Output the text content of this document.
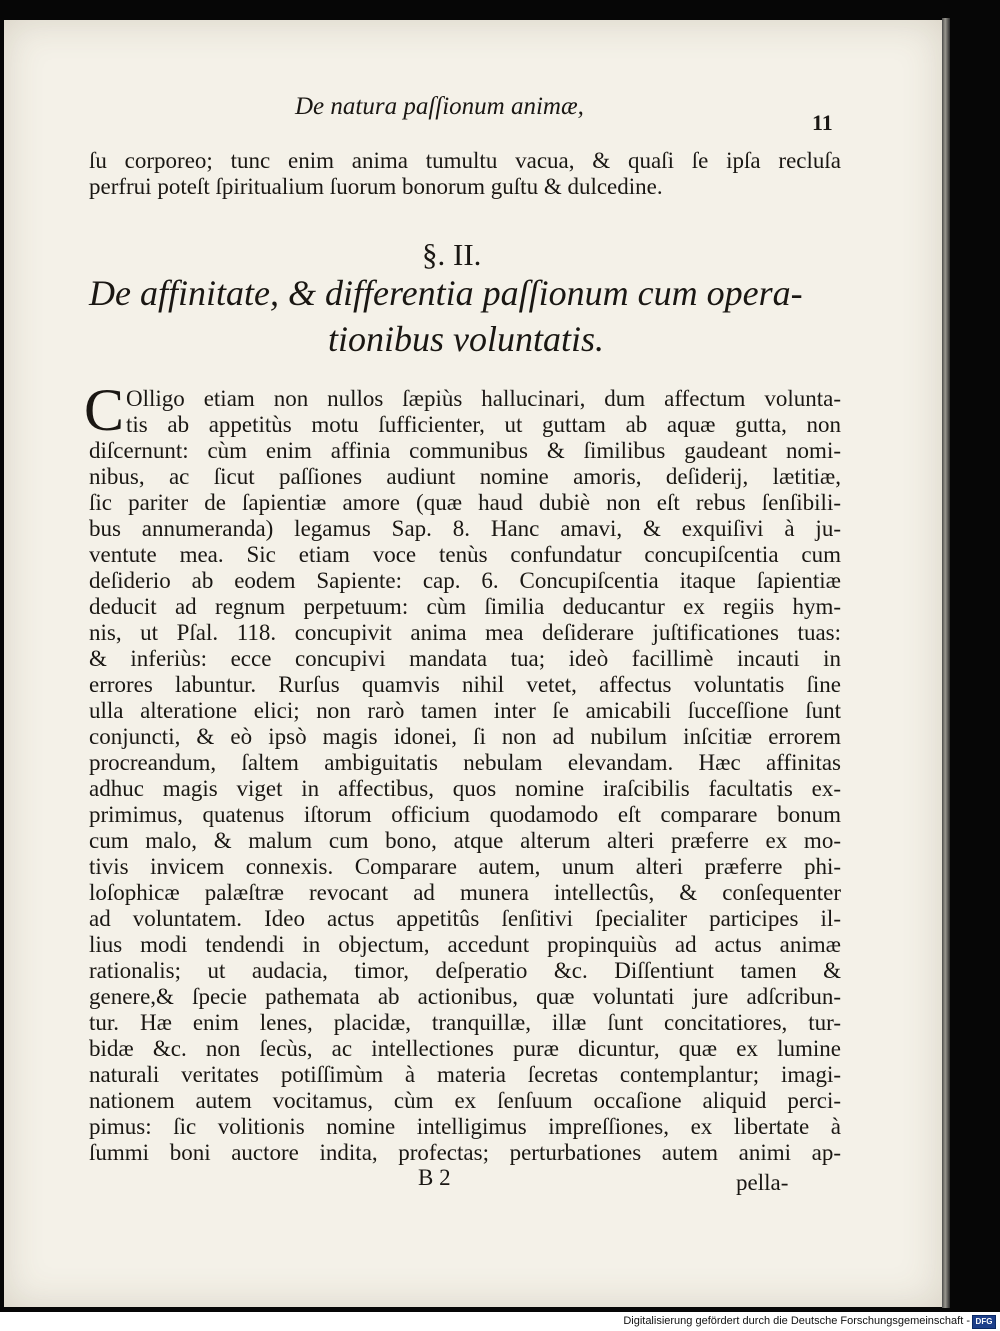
De natura paſſionum animæ,
11
ſu corporeo; tunc enim anima tumultu vacua, & quaſi ſe ipſa recluſa
perfrui poteſt ſpiritualium ſuorum bonorum guſtu & dulcedine.
§. II.
De affinitate, & differentia paſſionum cum opera-
tionibus voluntatis.
C Olligo etiam non nullos ſæpiùs hallucinari, dum affectum volunta-
tis ab appetitùs motu ſufficienter, ut guttam ab aquæ gutta, non
diſcernunt: cùm enim affinia communibus & ſimilibus gaudeant nomi-
nibus, ac ſicut paſſiones audiunt nomine amoris, deſiderij, lætitiæ,
ſic pariter de ſapientiæ amore (quæ haud dubiè non eſt rebus ſenſibili-
bus annumeranda) legamus Sap. 8. Hanc amavi, & exquiſivi à ju-
ventute mea. Sic etiam voce tenùs confundatur concupiſcentia cum
deſiderio ab eodem Sapiente: cap. 6. Concupiſcentia itaque ſapientiæ
deducit ad regnum perpetuum: cùm ſimilia deducantur ex regiis hym-
nis, ut Pſal. 118. concupivit anima mea deſiderare juſtificationes tuas:
& inferiùs: ecce concupivi mandata tua; ideò facillimè incauti in
errores labuntur. Rurſus quamvis nihil vetet, affectus voluntatis ſine
ulla alteratione elici; non rarò tamen inter ſe amicabili ſucceſſione ſunt
conjuncti, & eò ipsò magis idonei, ſi non ad nubilum inſcitiæ errorem
procreandum, ſaltem ambiguitatis nebulam elevandam. Hæc affinitas
adhuc magis viget in affectibus, quos nomine iraſcibilis facultatis ex-
primimus, quatenus iſtorum officium quodamodo eſt comparare bonum
cum malo, & malum cum bono, atque alterum alteri præferre ex mo-
tivis invicem connexis. Comparare autem, unum alteri præferre phi-
loſophicæ palæſtræ revocant ad munera intellectûs, & conſequenter
ad voluntatem. Ideo actus appetitûs ſenſitivi ſpecialiter participes il-
lius modi tendendi in objectum, accedunt propinquiùs ad actus animæ
rationalis; ut audacia, timor, deſperatio &c. Diſſentiunt tamen &
genere,& ſpecie pathemata ab actionibus, quæ voluntati jure adſcribun-
tur. Hæ enim lenes, placidæ, tranquillæ, illæ ſunt concitatiores, tur-
bidæ &c. non ſecùs, ac intellectiones puræ dicuntur, quæ ex lumine
naturali veritates potiſſimùm à materia ſecretas contemplantur; imagi-
nationem autem vocitamus, cùm ex ſenſuum occaſione aliquid perci-
pimus: ſic volitionis nomine intelligimus impreſſiones, ex libertate à
ſummi boni auctore indita, profectas; perturbationes autem animi ap-
B 2	pella-
Digitalisierung gefördert durch die Deutsche Forschungsgemeinschaft - DFG
